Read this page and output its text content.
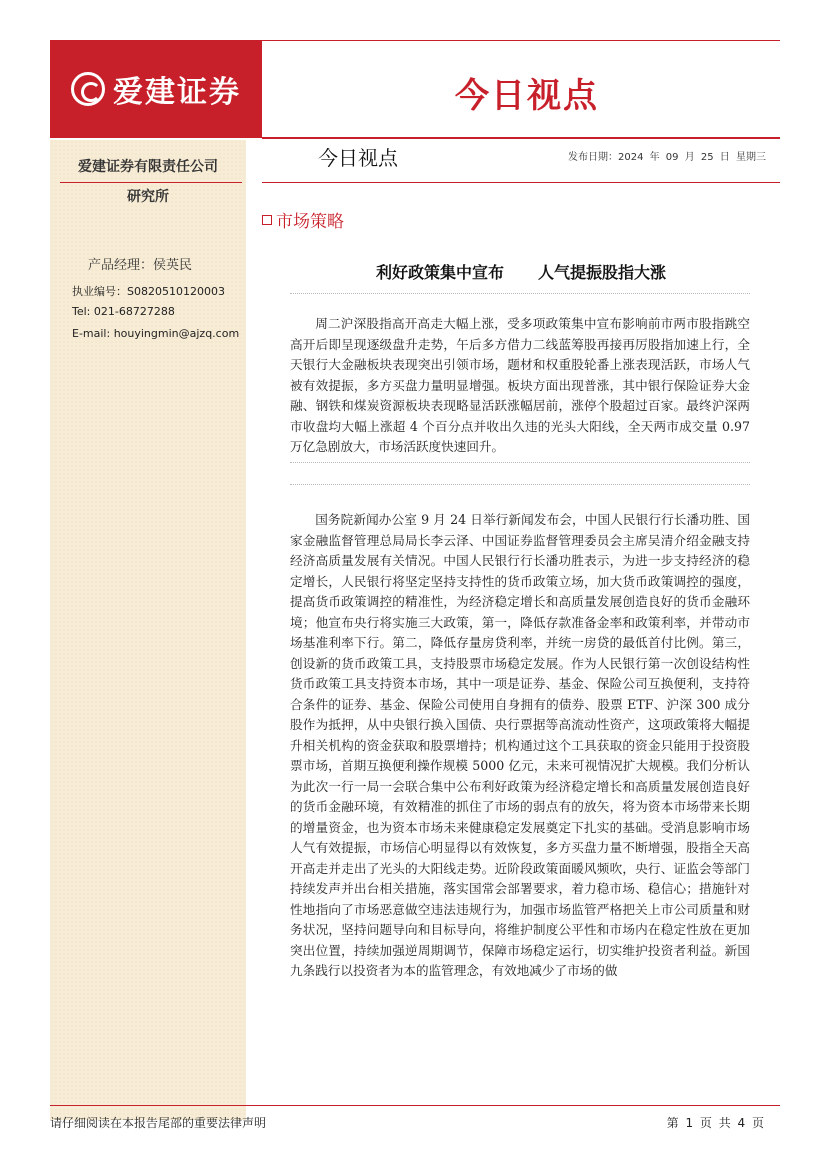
爱建证券	今日视点
爱建证券有限责任公司
研究所
产品经理：侯英民
执业编号：S0820510120003
Tel: 021-68727288
E-mail: houyingmin@ajzq.com
今日视点	发布日期：2024 年 09 月 25 日 星期三
市场策略
利好政策集中宣布 人气提振股指大涨

周二沪深股指高开高走大幅上涨，受多项政策集中宣布影响前市两市股指跳空高开后即呈现逐级盘升走势，午后多方借力二线蓝筹股再接再厉股指加速上行，全天银行大金融板块表现突出引领市场，题材和权重股轮番上涨表现活跃，市场人气被有效提振，多方买盘力量明显增强。板块方面出现普涨，其中银行保险证券大金融、钢铁和煤炭资源板块表现略显活跃涨幅居前，涨停个股超过百家。最终沪深两市收盘均大幅上涨超 4 个百分点并收出久违的光头大阳线，全天两市成交量 0.97 万亿急剧放大，市场活跃度快速回升。

国务院新闻办公室 9 月 24 日举行新闻发布会，中国人民银行行长潘功胜、国家金融监督管理总局局长李云泽、中国证券监督管理委员会主席吴清介绍金融支持经济高质量发展有关情况。中国人民银行行长潘功胜表示，为进一步支持经济的稳定增长，人民银行将坚定坚持支持性的货币政策立场，加大货币政策调控的强度，提高货币政策调控的精准性，为经济稳定增长和高质量发展创造良好的货币金融环境；他宣布央行将实施三大政策，第一，降低存款准备金率和政策利率，并带动市场基准利率下行。第二，降低存量房贷利率，并统一房贷的最低首付比例。第三，创设新的货币政策工具，支持股票市场稳定发展。作为人民银行第一次创设结构性货币政策工具支持资本市场，其中一项是证券、基金、保险公司互换便利，支持符合条件的证券、基金、保险公司使用自身拥有的债券、股票 ETF、沪深 300 成分股作为抵押，从中央银行换入国债、央行票据等高流动性资产，这项政策将大幅提升相关机构的资金获取和股票增持；机构通过这个工具获取的资金只能用于投资股票市场，首期互换便利操作规模 5000 亿元，未来可视情况扩大规模。我们分析认为此次一行一局一会联合集中公布利好政策为经济稳定增长和高质量发展创造良好的货币金融环境，有效精准的抓住了市场的弱点有的放矢，将为资本市场带来长期的增量资金，也为资本市场未来健康稳定发展奠定下扎实的基础。受消息影响市场人气有效提振，市场信心明显得以有效恢复，多方买盘力量不断增强，股指全天高开高走并走出了光头的大阳线走势。近阶段政策面暖风频吹，央行、证监会等部门持续发声并出台相关措施，落实国常会部署要求，着力稳市场、稳信心；措施针对性地指向了市场恶意做空违法违规行为，加强市场监管严格把关上市公司质量和财务状况，坚持问题导向和目标导向，将维护制度公平性和市场内在稳定性放在更加突出位置，持续加强逆周期调节，保障市场稳定运行，切实维护投资者利益。新国九条践行以投资者为本的监管理念，有效地减少了市场的做

请仔细阅读在本报告尾部的重要法律声明	第 1 页 共 4 页
